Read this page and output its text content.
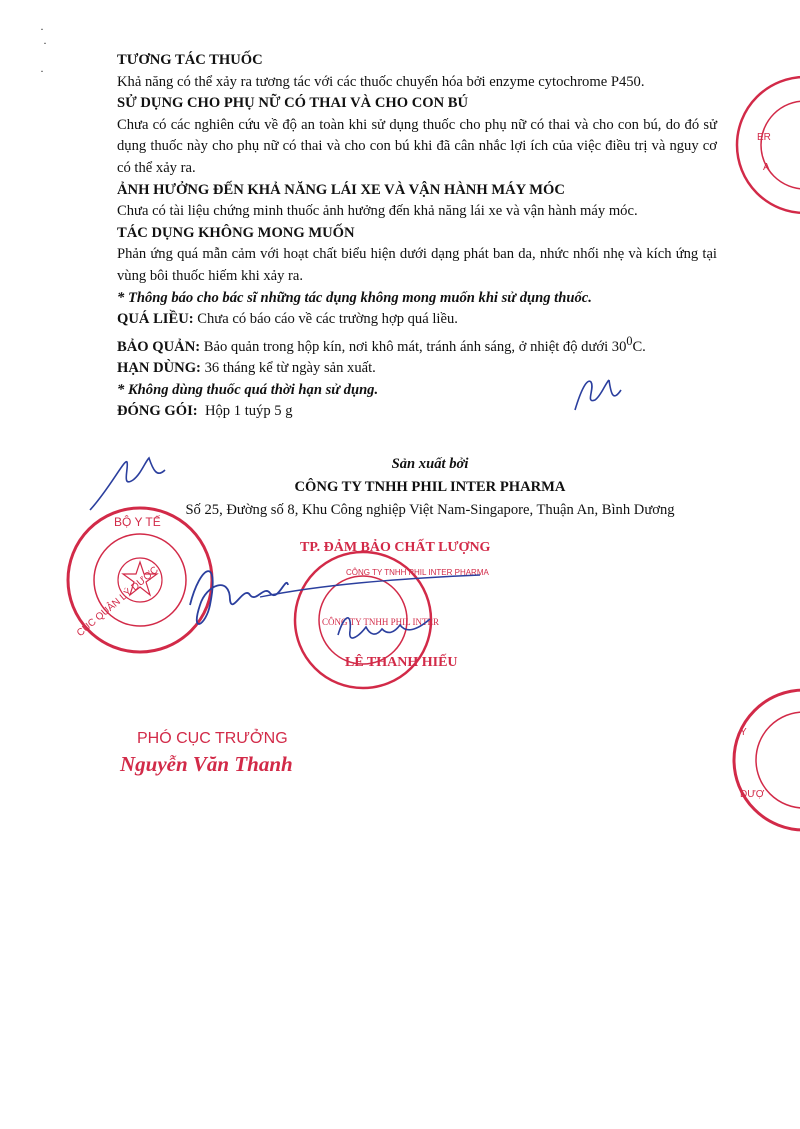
·
·

·
TƯƠNG TÁC THUỐC
Khả năng có thể xảy ra tương tác với các thuốc chuyển hóa bởi enzyme cytochrome P450.
SỬ DỤNG CHO PHỤ NỮ CÓ THAI VÀ CHO CON BÚ
Chưa có các nghiên cứu về độ an toàn khi sử dụng thuốc cho phụ nữ có thai và cho con bú, do đó sử dụng thuốc này cho phụ nữ có thai và cho con bú khi đã cân nhắc lợi ích của việc điều trị và nguy cơ có thể xảy ra.
ẢNH HƯỞNG ĐẾN KHẢ NĂNG LÁI XE VÀ VẬN HÀNH MÁY MÓC
Chưa có tài liệu chứng minh thuốc ảnh hưởng đến khả năng lái xe và vận hành máy móc.
TÁC DỤNG KHÔNG MONG MUỐN
Phản ứng quá mẫn cảm với hoạt chất biểu hiện dưới dạng phát ban da, nhức nhối nhẹ và kích ứng tại vùng bôi thuốc hiếm khi xảy ra.
* Thông báo cho bác sĩ những tác dụng không mong muốn khi sử dụng thuốc.
QUÁ LIỀU: Chưa có báo cáo về các trường hợp quá liều.
BẢO QUẢN: Bảo quản trong hộp kín, nơi khô mát, tránh ánh sáng, ở nhiệt độ dưới $30^0C$.
HẠN DÙNG: 36 tháng kể từ ngày sản xuất.
* Không dùng thuốc quá thời hạn sử dụng.
ĐÓNG GÓI: Hộp 1 tuýp 5 g
Sản xuất bởi
CÔNG TY TNHH PHIL INTER PHARMA
Số 25, Đường số 8, Khu Công nghiệp Việt Nam-Singapore, Thuận An, Bình Dương
TP. ĐẢM BẢO CHẤT LƯỢNG
LÊ THANH HIẾU
PHÓ CỤC TRƯỞNG
Nguyễn Văn Thanh
BỘ Y TẾ
CỤC QUẢN LÝ DƯỢC	CÔNG TY TNHH PHIL INTER PHARMA
CÔNG TY TNHH PHIL INTER
ER
A
Y
DƯỢ
